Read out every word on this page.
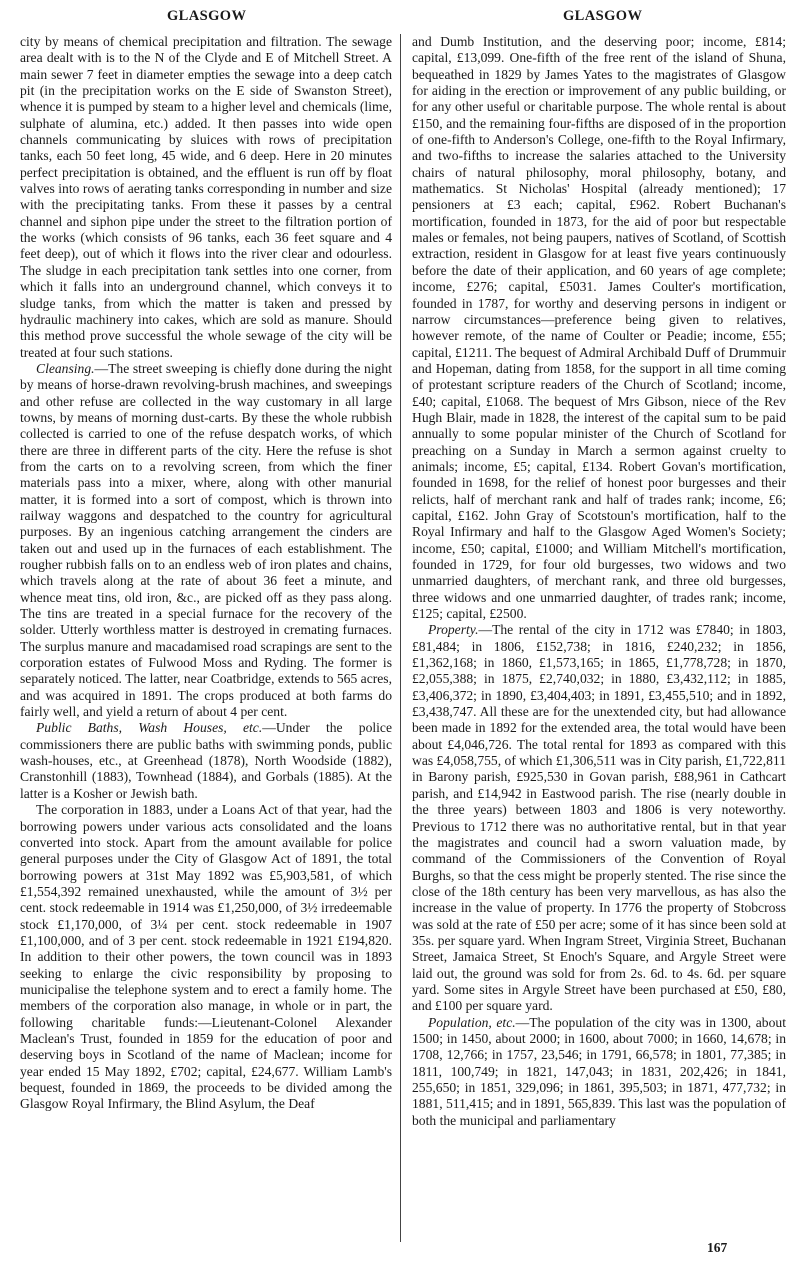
GLASGOW	GLASGOW

city by means of chemical precipitation and filtration. The sewage area dealt with is to the N of the Clyde and E of Mitchell Street. A main sewer 7 feet in diameter empties the sewage into a deep catch pit (in the precipitation works on the E side of Swanston Street), whence it is pumped by steam to a higher level and chemicals (lime, sulphate of alumina, etc.) added. It then passes into wide open channels communicating by sluices with rows of precipitation tanks, each 50 feet long, 45 wide, and 6 deep. Here in 20 minutes perfect precipitation is obtained, and the effluent is run off by float valves into rows of aerating tanks corresponding in number and size with the precipitating tanks. From these it passes by a central channel and siphon pipe under the street to the filtration portion of the works (which consists of 96 tanks, each 36 feet square and 4 feet deep), out of which it flows into the river clear and odourless. The sludge in each precipitation tank settles into one corner, from which it falls into an underground channel, which conveys it to sludge tanks, from which the matter is taken and pressed by hydraulic machinery into cakes, which are sold as manure. Should this method prove successful the whole sewage of the city will be treated at four such stations.

Cleansing.—The street sweeping is chiefly done during the night by means of horse-drawn revolving-brush machines, and sweepings and other refuse are collected in the way customary in all large towns, by means of morning dust-carts. By these the whole rubbish collected is carried to one of the refuse despatch works, of which there are three in different parts of the city. Here the refuse is shot from the carts on to a revolving screen, from which the finer materials pass into a mixer, where, along with other manurial matter, it is formed into a sort of compost, which is thrown into railway waggons and despatched to the country for agricultural purposes. By an ingenious catching arrangement the cinders are taken out and used up in the furnaces of each establishment. The rougher rubbish falls on to an endless web of iron plates and chains, which travels along at the rate of about 36 feet a minute, and whence meat tins, old iron, &c., are picked off as they pass along. The tins are treated in a special furnace for the recovery of the solder. Utterly worthless matter is destroyed in cremating furnaces. The surplus manure and macadamised road scrapings are sent to the corporation estates of Fulwood Moss and Ryding. The former is separately noticed. The latter, near Coatbridge, extends to 565 acres, and was acquired in 1891. The crops produced at both farms do fairly well, and yield a return of about 4 per cent.

Public Baths, Wash Houses, etc.—Under the police commissioners there are public baths with swimming ponds, public wash-houses, etc., at Greenhead (1878), North Woodside (1882), Cranstonhill (1883), Townhead (1884), and Gorbals (1885). At the latter is a Kosher or Jewish bath.

The corporation in 1883, under a Loans Act of that year, had the borrowing powers under various acts consolidated and the loans converted into stock. Apart from the amount available for police general purposes under the City of Glasgow Act of 1891, the total borrowing powers at 31st May 1892 was £5,903,581, of which £1,554,392 remained unexhausted, while the amount of 3½ per cent. stock redeemable in 1914 was £1,250,000, of 3½ irredeemable stock £1,170,000, of 3¼ per cent. stock redeemable in 1907 £1,100,000, and of 3 per cent. stock redeemable in 1921 £194,820. In addition to their other powers, the town council was in 1893 seeking to enlarge the civic responsibility by proposing to municipalise the telephone system and to erect a family home. The members of the corporation also manage, in whole or in part, the following charitable funds:—Lieutenant-Colonel Alexander Maclean's Trust, founded in 1859 for the education of poor and deserving boys in Scotland of the name of Maclean; income for year ended 15 May 1892, £702; capital, £24,677. William Lamb's bequest, founded in 1869, the proceeds to be divided among the Glasgow Royal Infirmary, the Blind Asylum, the Deaf

and Dumb Institution, and the deserving poor; income, £814; capital, £13,099. One-fifth of the free rent of the island of Shuna, bequeathed in 1829 by James Yates to the magistrates of Glasgow for aiding in the erection or improvement of any public building, or for any other useful or charitable purpose. The whole rental is about £150, and the remaining four-fifths are disposed of in the proportion of one-fifth to Anderson's College, one-fifth to the Royal Infirmary, and two-fifths to increase the salaries attached to the University chairs of natural philosophy, moral philosophy, botany, and mathematics. St Nicholas' Hospital (already mentioned); 17 pensioners at £3 each; capital, £962. Robert Buchanan's mortification, founded in 1873, for the aid of poor but respectable males or females, not being paupers, natives of Scotland, of Scottish extraction, resident in Glasgow for at least five years continuously before the date of their application, and 60 years of age complete; income, £276; capital, £5031. James Coulter's mortification, founded in 1787, for worthy and deserving persons in indigent or narrow circumstances—preference being given to relatives, however remote, of the name of Coulter or Peadie; income, £55; capital, £1211. The bequest of Admiral Archibald Duff of Drummuir and Hopeman, dating from 1858, for the support in all time coming of protestant scripture readers of the Church of Scotland; income, £40; capital, £1068. The bequest of Mrs Gibson, niece of the Rev Hugh Blair, made in 1828, the interest of the capital sum to be paid annually to some popular minister of the Church of Scotland for preaching on a Sunday in March a sermon against cruelty to animals; income, £5; capital, £134. Robert Govan's mortification, founded in 1698, for the relief of honest poor burgesses and their relicts, half of merchant rank and half of trades rank; income, £6; capital, £162. John Gray of Scotstoun's mortification, half to the Royal Infirmary and half to the Glasgow Aged Women's Society; income, £50; capital, £1000; and William Mitchell's mortification, founded in 1729, for four old burgesses, two widows and two unmarried daughters, of merchant rank, and three old burgesses, three widows and one unmarried daughter, of trades rank; income, £125; capital, £2500.

Property.—The rental of the city in 1712 was £7840; in 1803, £81,484; in 1806, £152,738; in 1816, £240,232; in 1856, £1,362,168; in 1860, £1,573,165; in 1865, £1,778,728; in 1870, £2,055,388; in 1875, £2,740,032; in 1880, £3,432,112; in 1885, £3,406,372; in 1890, £3,404,403; in 1891, £3,455,510; and in 1892, £3,438,747. All these are for the unextended city, but had allowance been made in 1892 for the extended area, the total would have been about £4,046,726. The total rental for 1893 as compared with this was £4,058,755, of which £1,306,511 was in City parish, £1,722,811 in Barony parish, £925,530 in Govan parish, £88,961 in Cathcart parish, and £14,942 in Eastwood parish. The rise (nearly double in the three years) between 1803 and 1806 is very noteworthy. Previous to 1712 there was no authoritative rental, but in that year the magistrates and council had a sworn valuation made, by command of the Commissioners of the Convention of Royal Burghs, so that the cess might be properly stented. The rise since the close of the 18th century has been very marvellous, as has also the increase in the value of property. In 1776 the property of Stobcross was sold at the rate of £50 per acre; some of it has since been sold at 35s. per square yard. When Ingram Street, Virginia Street, Buchanan Street, Jamaica Street, St Enoch's Square, and Argyle Street were laid out, the ground was sold for from 2s. 6d. to 4s. 6d. per square yard. Some sites in Argyle Street have been purchased at £50, £80, and £100 per square yard.

Population, etc.—The population of the city was in 1300, about 1500; in 1450, about 2000; in 1600, about 7000; in 1660, 14,678; in 1708, 12,766; in 1757, 23,546; in 1791, 66,578; in 1801, 77,385; in 1811, 100,749; in 1821, 147,043; in 1831, 202,426; in 1841, 255,650; in 1851, 329,096; in 1861, 395,503; in 1871, 477,732; in 1881, 511,415; and in 1891, 565,839. This last was the population of both the municipal and parliamentary

167
